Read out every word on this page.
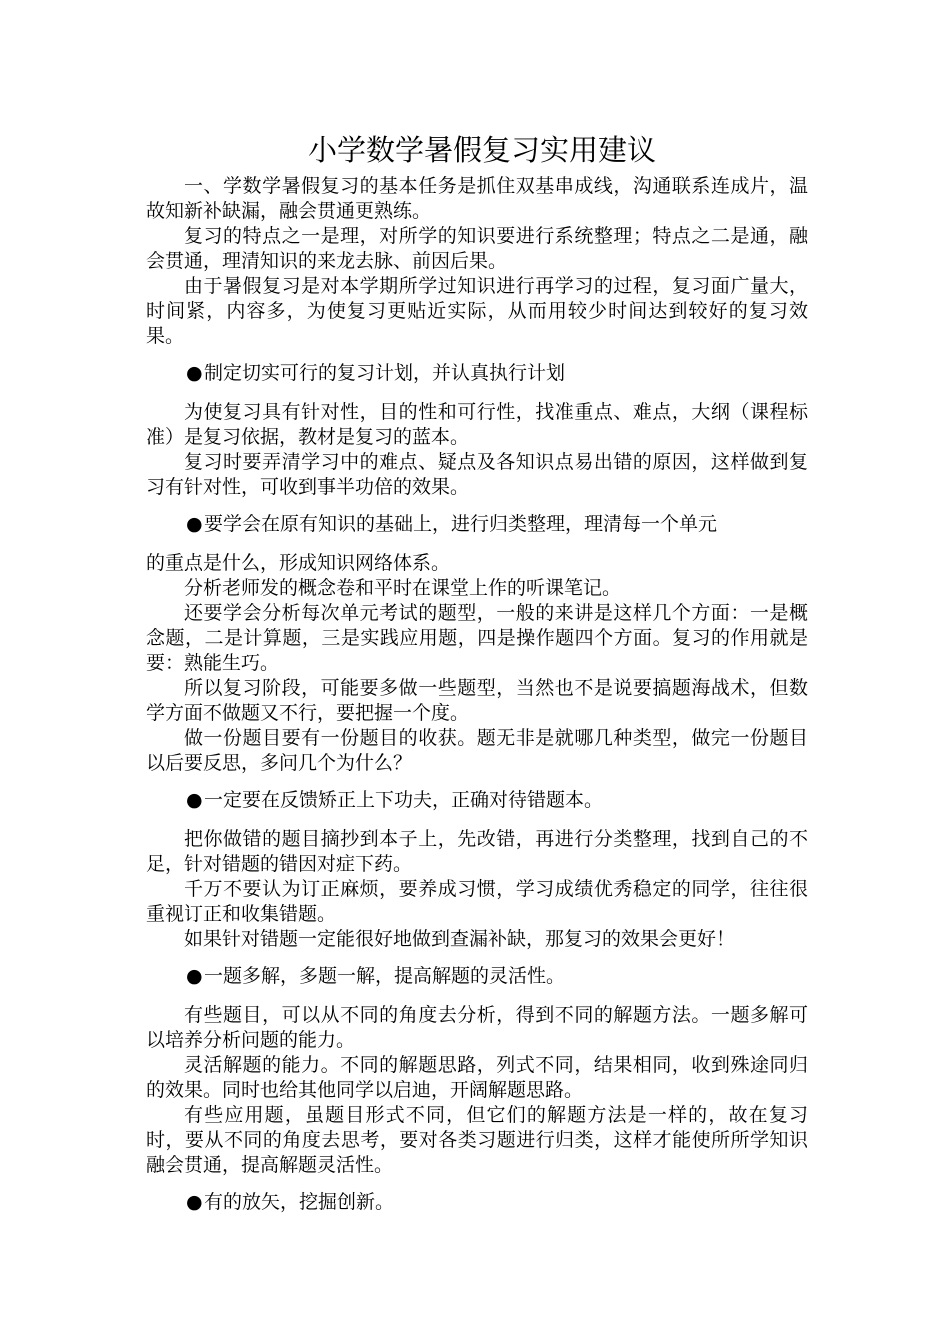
小学数学暑假复习实用建议

一、学数学暑假复习的基本任务是抓住双基串成线，沟通联系连成片，温故知新补缺漏，融会贯通更熟练。

复习的特点之一是理，对所学的知识要进行系统整理；特点之二是通，融会贯通，理清知识的来龙去脉、前因后果。

由于暑假复习是对本学期所学过知识进行再学习的过程，复习面广量大，时间紧，内容多，为使复习更贴近实际，从而用较少时间达到较好的复习效果。

●制定切实可行的复习计划，并认真执行计划

为使复习具有针对性，目的性和可行性，找准重点、难点，大纲（课程标准）是复习依据，教材是复习的蓝本。

复习时要弄清学习中的难点、疑点及各知识点易出错的原因，这样做到复习有针对性，可收到事半功倍的效果。

●要学会在原有知识的基础上，进行归类整理，理清每一个单元

的重点是什么，形成知识网络体系。

分析老师发的概念卷和平时在课堂上作的听课笔记。

还要学会分析每次单元考试的题型，一般的来讲是这样几个方面：一是概念题，二是计算题，三是实践应用题，四是操作题四个方面。复习的作用就是要：熟能生巧。

所以复习阶段，可能要多做一些题型，当然也不是说要搞题海战术，但数学方面不做题又不行，要把握一个度。

做一份题目要有一份题目的收获。题无非是就哪几种类型，做完一份题目以后要反思，多问几个为什么？

●一定要在反馈矫正上下功夫，正确对待错题本。

把你做错的题目摘抄到本子上，先改错，再进行分类整理，找到自己的不足，针对错题的错因对症下药。

千万不要认为订正麻烦，要养成习惯，学习成绩优秀稳定的同学，往往很重视订正和收集错题。

如果针对错题一定能很好地做到查漏补缺，那复习的效果会更好！

●一题多解，多题一解，提高解题的灵活性。

有些题目，可以从不同的角度去分析，得到不同的解题方法。一题多解可以培养分析问题的能力。

灵活解题的能力。不同的解题思路，列式不同，结果相同，收到殊途同归的效果。同时也给其他同学以启迪，开阔解题思路。

有些应用题，虽题目形式不同，但它们的解题方法是一样的，故在复习时，要从不同的角度去思考，要对各类习题进行归类，这样才能使所所学知识融会贯通，提高解题灵活性。

●有的放矢，挖掘创新。
